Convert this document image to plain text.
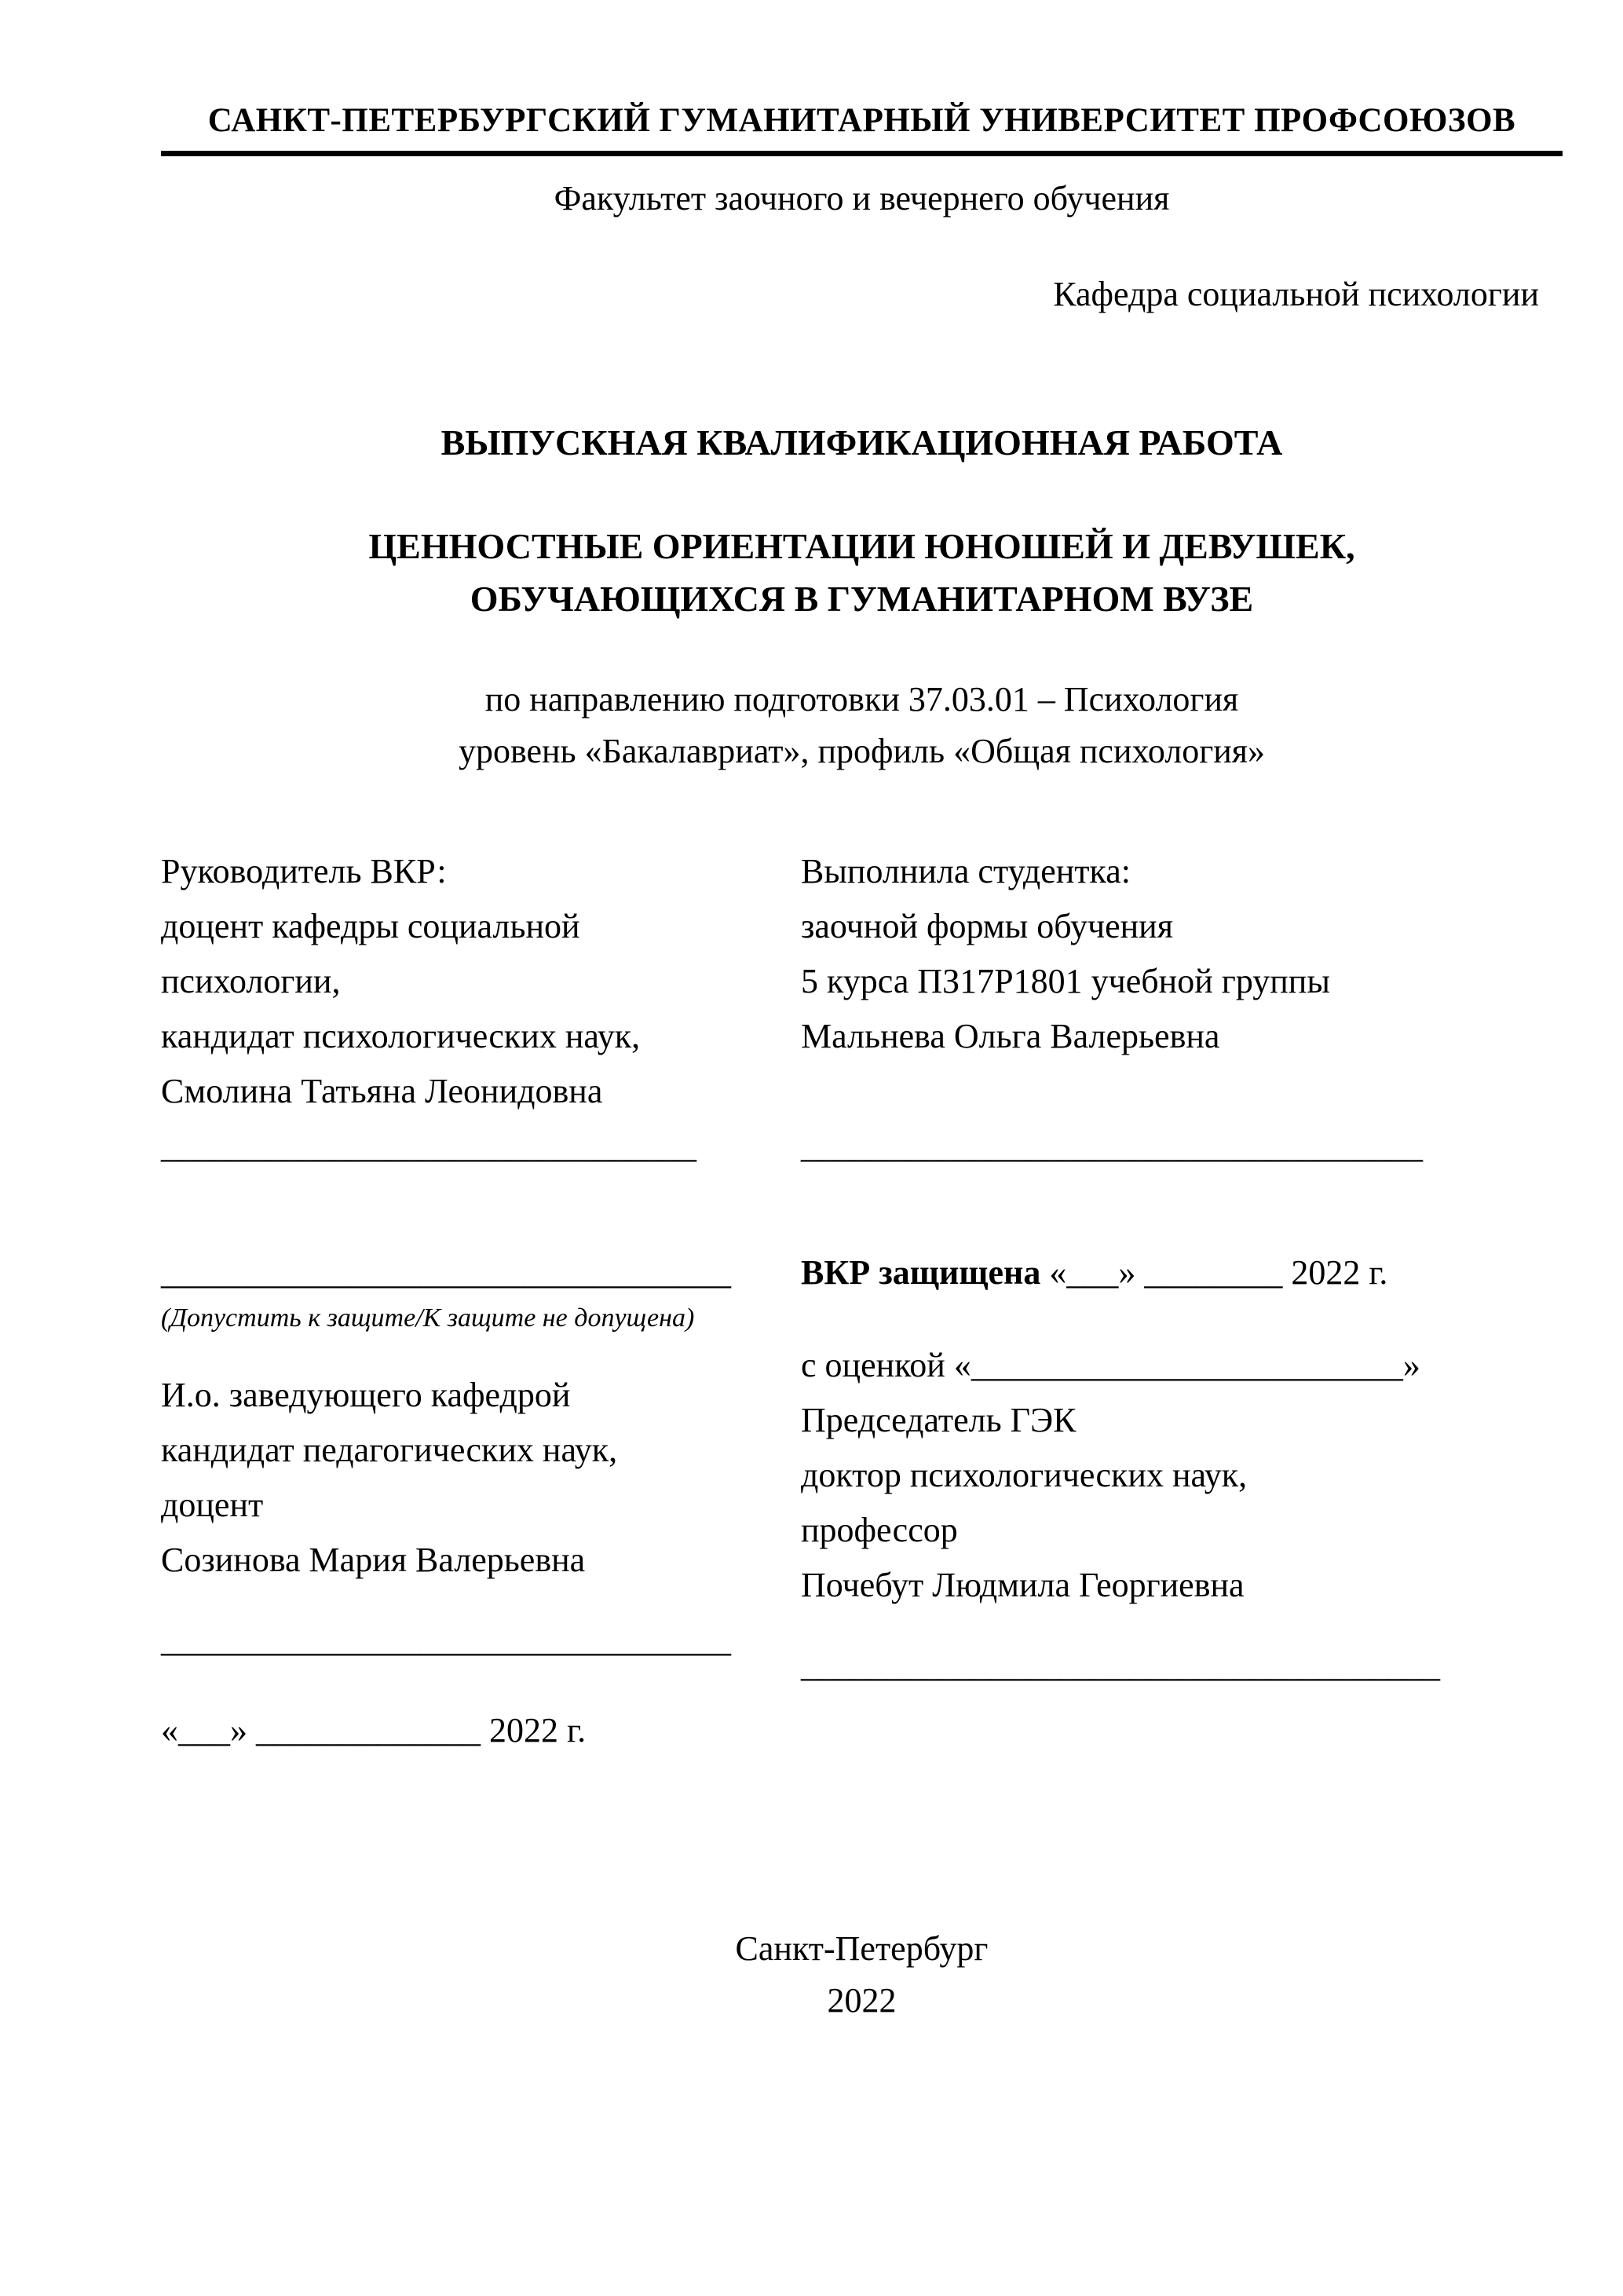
САНКТ-ПЕТЕРБУРГСКИЙ ГУМАНИТАРНЫЙ УНИВЕРСИТЕТ ПРОФСОЮЗОВ
Факультет заочного и вечернего обучения
Кафедра социальной психологии
ВЫПУСКНАЯ КВАЛИФИКАЦИОННАЯ РАБОТА
ЦЕННОСТНЫЕ ОРИЕНТАЦИИ ЮНОШЕЙ И ДЕВУШЕК,
ОБУЧАЮЩИХСЯ В ГУМАНИТАРНОМ ВУЗЕ
по направлению подготовки 37.03.01 – Психология
уровень «Бакалавриат», профиль «Общая психология»
Руководитель ВКР:
доцент кафедры социальной
психологии,
кандидат психологических наук,
Смолина Татьяна Леонидовна
_______________________________
Выполнила студентка:
заочной формы обучения
5 курса ПЗ17Р1801 учебной группы
Мальнева Ольга Валерьевна
____________________________________
_________________________________
(Допустить к защите/К защите не допущена)
И.о. заведующего кафедрой
кандидат педагогических наук,
доцент
Созинова Мария Валерьевна
_________________________________
«___» _____________ 2022 г.
ВКР защищена «___» ________ 2022 г.
с оценкой «_________________________»
Председатель ГЭК
доктор психологических наук,
профессор
Почебут Людмила Георгиевна
_____________________________________
Санкт-Петербург
2022
